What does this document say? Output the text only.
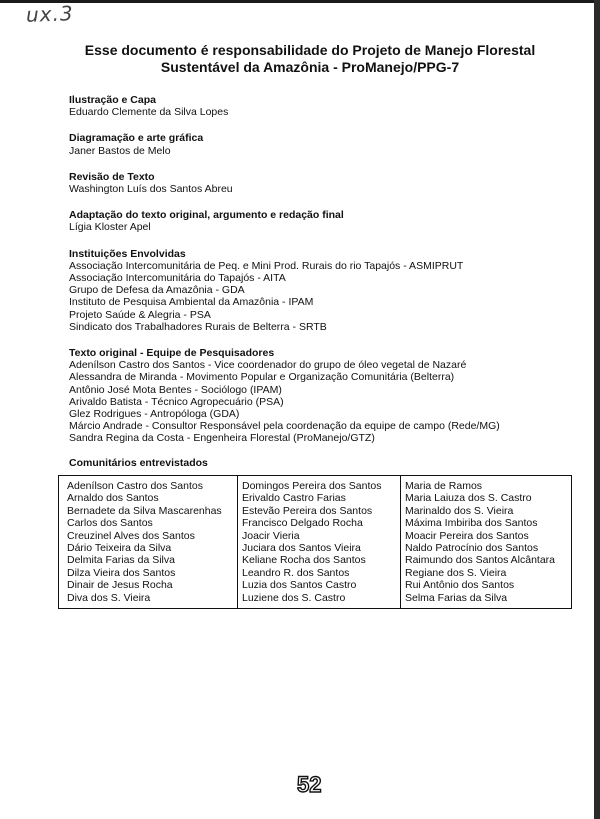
ux.3
Esse documento é responsabilidade do Projeto de Manejo Florestal
Sustentável da Amazônia - ProManejo/PPG-7
Ilustração e Capa
Eduardo Clemente da Silva Lopes
Diagramação e arte gráfica
Janer Bastos de Melo
Revisão de Texto
Washington Luís dos Santos Abreu
Adaptação do texto original, argumento e redação final
Lígia Kloster Apel
Instituições Envolvidas
Associação Intercomunitária de Peq. e Mini Prod. Rurais do rio Tapajós - ASMIPRUT
Associação Intercomunitária do Tapajós - AITA
Grupo de Defesa da Amazônia - GDA
Instituto de Pesquisa Ambiental da Amazônia - IPAM
Projeto Saúde & Alegria - PSA
Sindicato dos Trabalhadores Rurais de Belterra - SRTB
Texto original - Equipe de Pesquisadores
Adenílson Castro dos Santos - Vice coordenador do grupo de óleo vegetal de Nazaré
Alessandra de Miranda - Movimento Popular e Organização Comunitária (Belterra)
Antônio José Mota Bentes - Sociólogo (IPAM)
Arivaldo Batista - Técnico Agropecuário (PSA)
Glez Rodrigues - Antropóloga (GDA)
Márcio Andrade - Consultor Responsável pela coordenação da equipe de campo (Rede/MG)
Sandra Regina da Costa - Engenheira Florestal (ProManejo/GTZ)
Comunitários entrevistados
Adenílson Castro dos Santos
Arnaldo dos Santos
Bernadete da Silva Mascarenhas
Carlos dos Santos
Creuzinel Alves dos Santos
Dário Teixeira da Silva
Delmita Farias da Silva
Dilza Vieira dos Santos
Dinair de Jesus Rocha
Diva dos S. Vieira
Domingos Pereira dos Santos
Erivaldo Castro Farias
Estevão Pereira dos Santos
Francisco Delgado Rocha
Joacir Vieria
Juciara dos Santos Vieira
Keliane Rocha dos Santos
Leandro R. dos Santos
Luzia dos Santos Castro
Luziene dos S. Castro
Maria de Ramos
Maria Laiuza dos S. Castro
Marinaldo dos S. Vieira
Máxima Imbiriba dos Santos
Moacir Pereira dos Santos
Naldo Patrocínio dos Santos
Raimundo dos Santos Alcântara
Regiane dos S. Vieira
Rui Antônio dos Santos
Selma Farias da Silva
52
